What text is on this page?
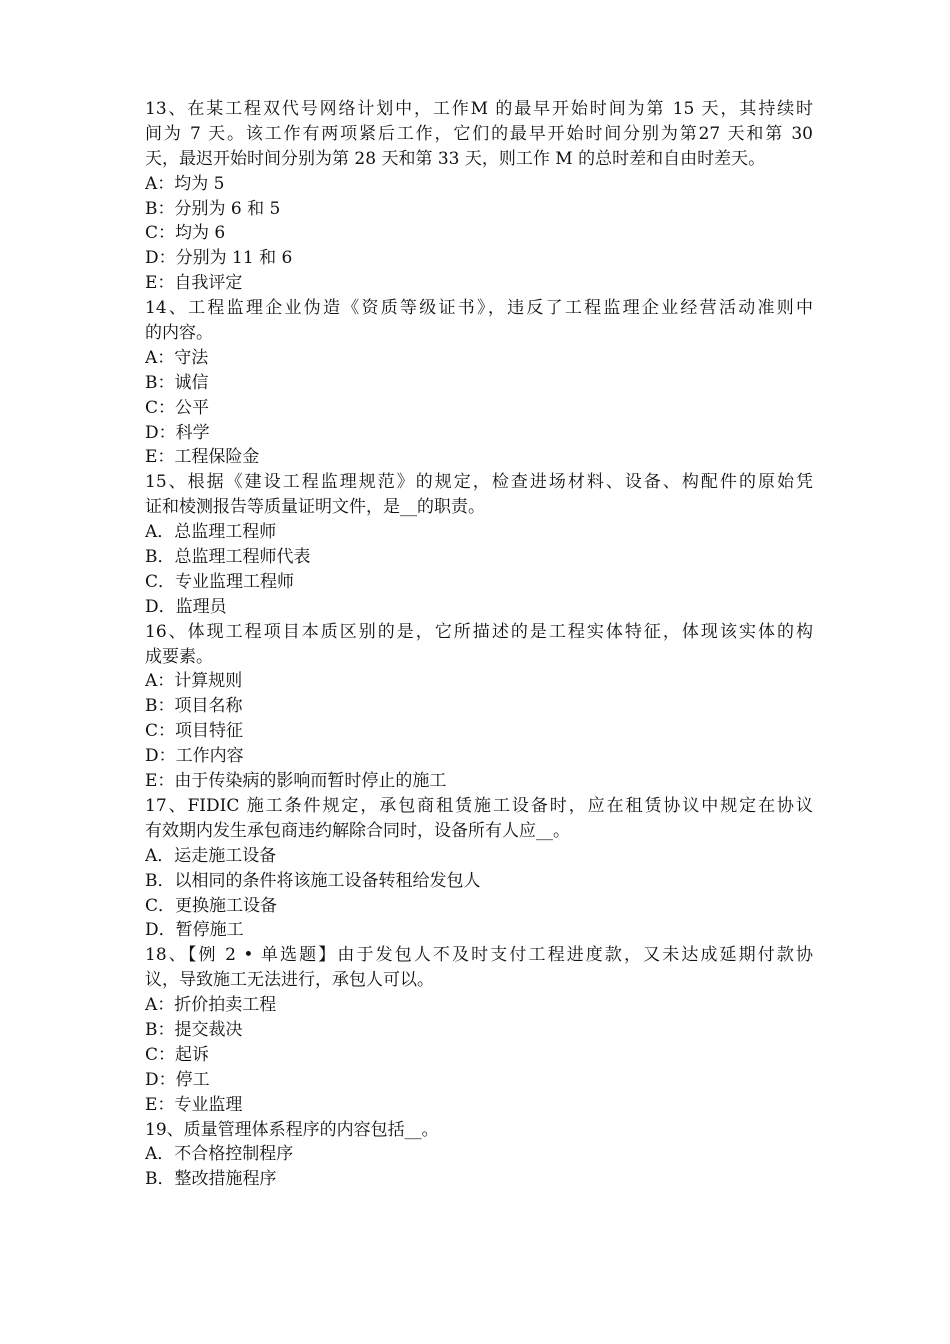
13、在某工程双代号网络计划中，工作M 的最早开始时间为第 15 天，其持续时
间为 7 天。该工作有两项紧后工作，它们的最早开始时间分别为第27 天和第 30
天，最迟开始时间分别为第 28 天和第 33 天，则工作 M 的总时差和自由时差天。
A：均为 5
B：分别为 6 和 5
C：均为 6
D：分别为 11 和 6
E：自我评定
14、工程监理企业伪造《资质等级证书》，违反了工程监理企业经营活动准则中
的内容。
A：守法
B：诚信
C：公平
D：科学
E：工程保险金
15、根据《建设工程监理规范》的规定，检查进场材料、设备、构配件的原始凭
证和棱测报告等质量证明文件，是__的职责。
A．总监理工程师
B．总监理工程师代表
C．专业监理工程师
D．监理员
16、体现工程项目本质区别的是，它所描述的是工程实体特征，体现该实体的构
成要素。
A：计算规则
B：项目名称
C：项目特征
D：工作内容
E：由于传染病的影响而暂时停止的施工
17、FIDIC 施工条件规定，承包商租赁施工设备时，应在租赁协议中规定在协议
有效期内发生承包商违约解除合同时，设备所有人应__。
A．运走施工设备
B．以相同的条件将该施工设备转租给发包人
C．更换施工设备
D．暂停施工
18、【例 2 • 单选题】由于发包人不及时支付工程进度款，又未达成延期付款协
议，导致施工无法进行，承包人可以。
A：折价拍卖工程
B：提交裁决
C：起诉
D：停工
E：专业监理
19、质量管理体系程序的内容包括__。
A．不合格控制程序
B．整改措施程序
